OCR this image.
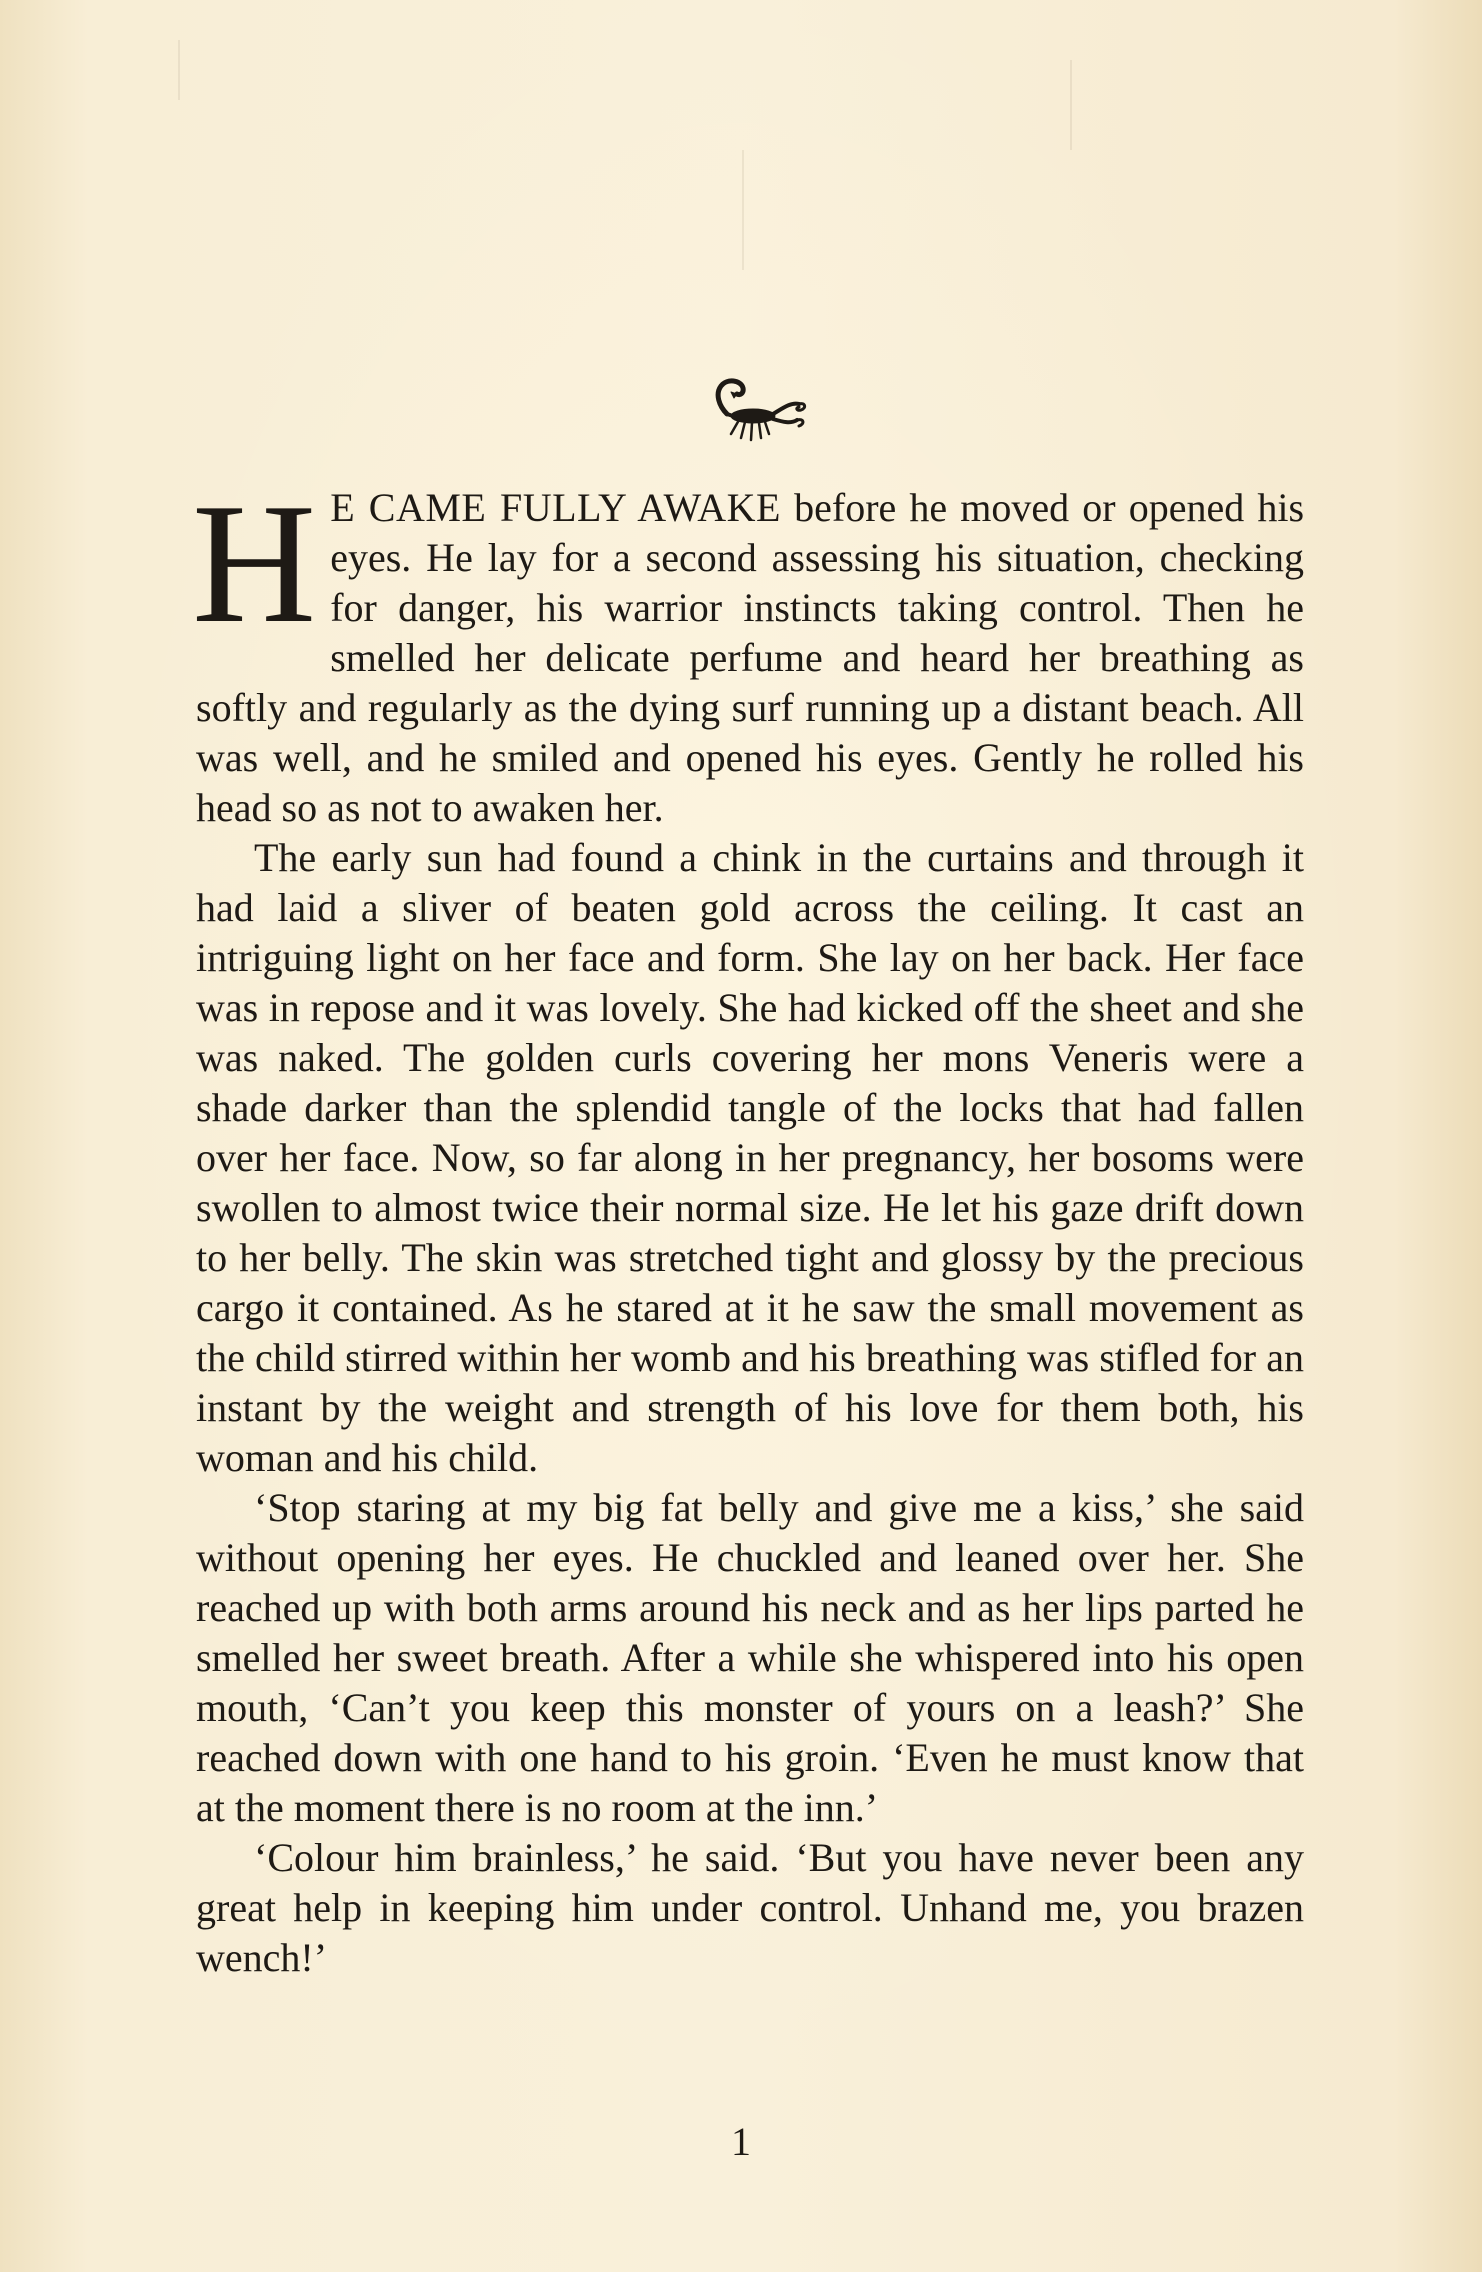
H E CAME FULLY AWAKE before he moved or opened his eyes. He lay for a second assessing his situation, checking for danger, his warrior instincts taking control. Then he smelled her delicate perfume and heard her breathing as softly and regularly as the dying surf running up a distant beach. All was well, and he smiled and opened his eyes. Gently he rolled his head so as not to awaken her.

The early sun had found a chink in the curtains and through it had laid a sliver of beaten gold across the ceiling. It cast an intriguing light on her face and form. She lay on her back. Her face was in repose and it was lovely. She had kicked off the sheet and she was naked. The golden curls covering her mons Veneris were a shade darker than the splendid tangle of the locks that had fallen over her face. Now, so far along in her pregnancy, her bosoms were swollen to almost twice their normal size. He let his gaze drift down to her belly. The skin was stretched tight and glossy by the precious cargo it contained. As he stared at it he saw the small movement as the child stirred within her womb and his breathing was stifled for an instant by the weight and strength of his love for them both, his woman and his child.

‘Stop staring at my big fat belly and give me a kiss,’ she said without opening her eyes. He chuckled and leaned over her. She reached up with both arms around his neck and as her lips parted he smelled her sweet breath. After a while she whispered into his open mouth, ‘Can’t you keep this monster of yours on a leash?’ She reached down with one hand to his groin. ‘Even he must know that at the moment there is no room at the inn.’

‘Colour him brainless,’ he said. ‘But you have never been any great help in keeping him under control. Unhand me, you brazen wench!’

1
